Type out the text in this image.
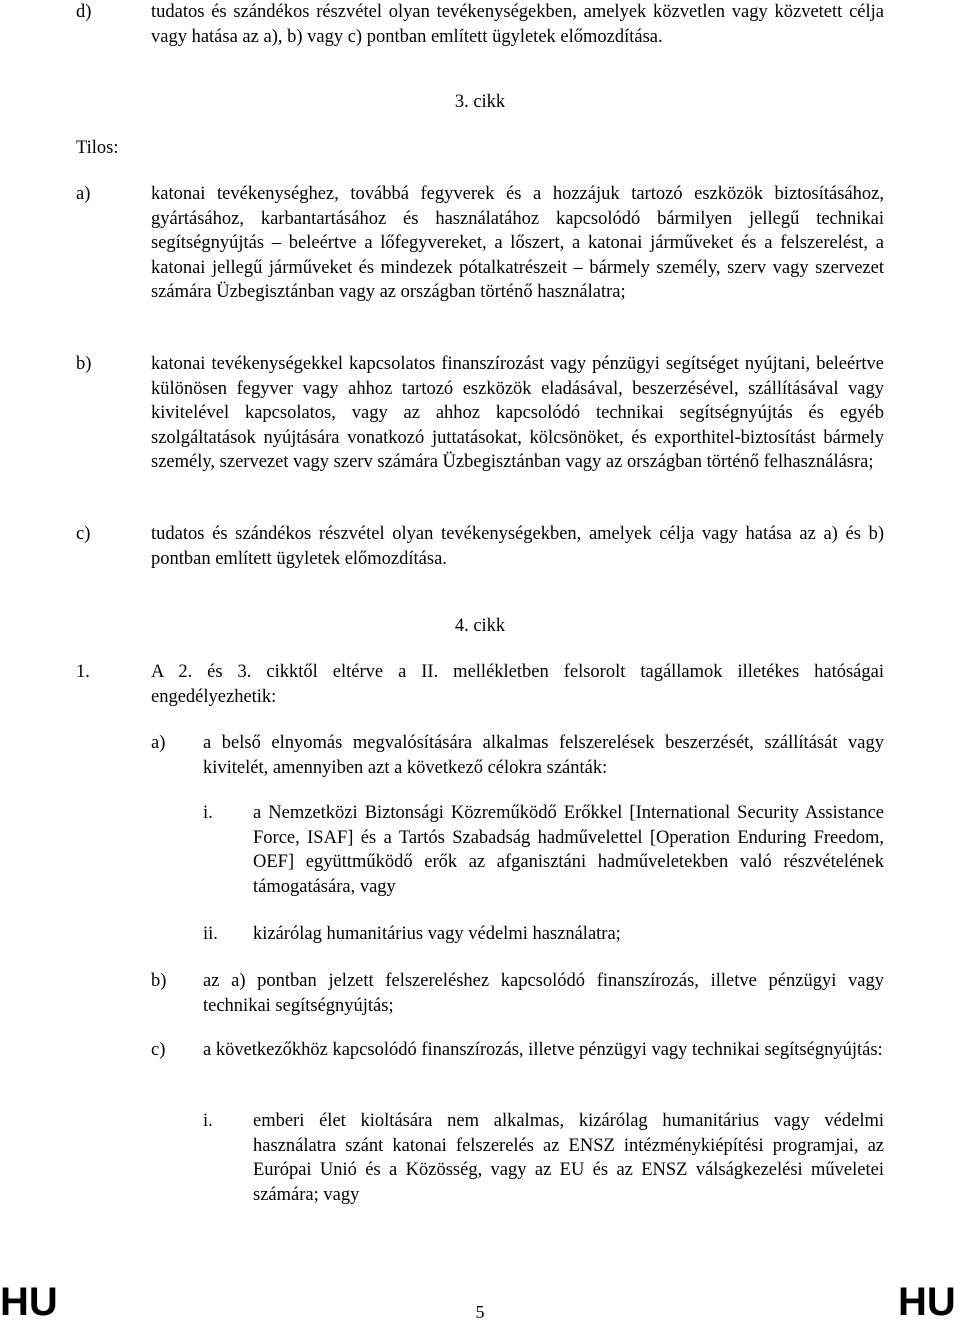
d)	tudatos és szándékos részvétel olyan tevékenységekben, amelyek közvetlen vagy közvetett célja vagy hatása az a), b) vagy c) pontban említett ügyletek előmozdítása.
3. cikk
Tilos:
a)	katonai tevékenységhez, továbbá fegyverek és a hozzájuk tartozó eszközök biztosításához, gyártásához, karbantartásához és használatához kapcsolódó bármilyen jellegű technikai segítségnyújtás – beleértve a lőfegyvereket, a lőszert, a katonai járműveket és a felszerelést, a katonai jellegű járműveket és mindezek pótalkatrészeit – bármely személy, szerv vagy szervezet számára Üzbegisztánban vagy az országban történő használatra;
b)	katonai tevékenységekkel kapcsolatos finanszírozást vagy pénzügyi segítséget nyújtani, beleértve különösen fegyver vagy ahhoz tartozó eszközök eladásával, beszerzésével, szállításával vagy kivitelével kapcsolatos, vagy az ahhoz kapcsolódó technikai segítségnyújtás és egyéb szolgáltatások nyújtására vonatkozó juttatásokat, kölcsönöket, és exporthitel-biztosítást bármely személy, szervezet vagy szerv számára Üzbegisztánban vagy az országban történő felhasználásra;
c)	tudatos és szándékos részvétel olyan tevékenységekben, amelyek célja vagy hatása az a) és b) pontban említett ügyletek előmozdítása.
4. cikk
1.	A 2. és 3. cikktől eltérve a II. mellékletben felsorolt tagállamok illetékes hatóságai engedélyezhetik:
a) a belső elnyomás megvalósítására alkalmas felszerelések beszerzését, szállítását vagy kivitelét, amennyiben azt a következő célokra szánták:
i. a Nemzetközi Biztonsági Közreműködő Erőkkel [International Security Assistance Force, ISAF] és a Tartós Szabadság hadművelettel [Operation Enduring Freedom, OEF] együttműködő erők az afganisztáni hadműveletekben való részvételének támogatására, vagy
ii. kizárólag humanitárius vagy védelmi használatra;
b) az a) pontban jelzett felszereléshez kapcsolódó finanszírozás, illetve pénzügyi vagy technikai segítségnyújtás;
c) a következőkhöz kapcsolódó finanszírozás, illetve pénzügyi vagy technikai segítségnyújtás:
i. emberi élet kioltására nem alkalmas, kizárólag humanitárius vagy védelmi használatra szánt katonai felszerelés az ENSZ intézménykiépítési programjai, az Európai Unió és a Közösség, vagy az EU és az ENSZ válságkezelési műveletei számára; vagy
HU	5	HU
